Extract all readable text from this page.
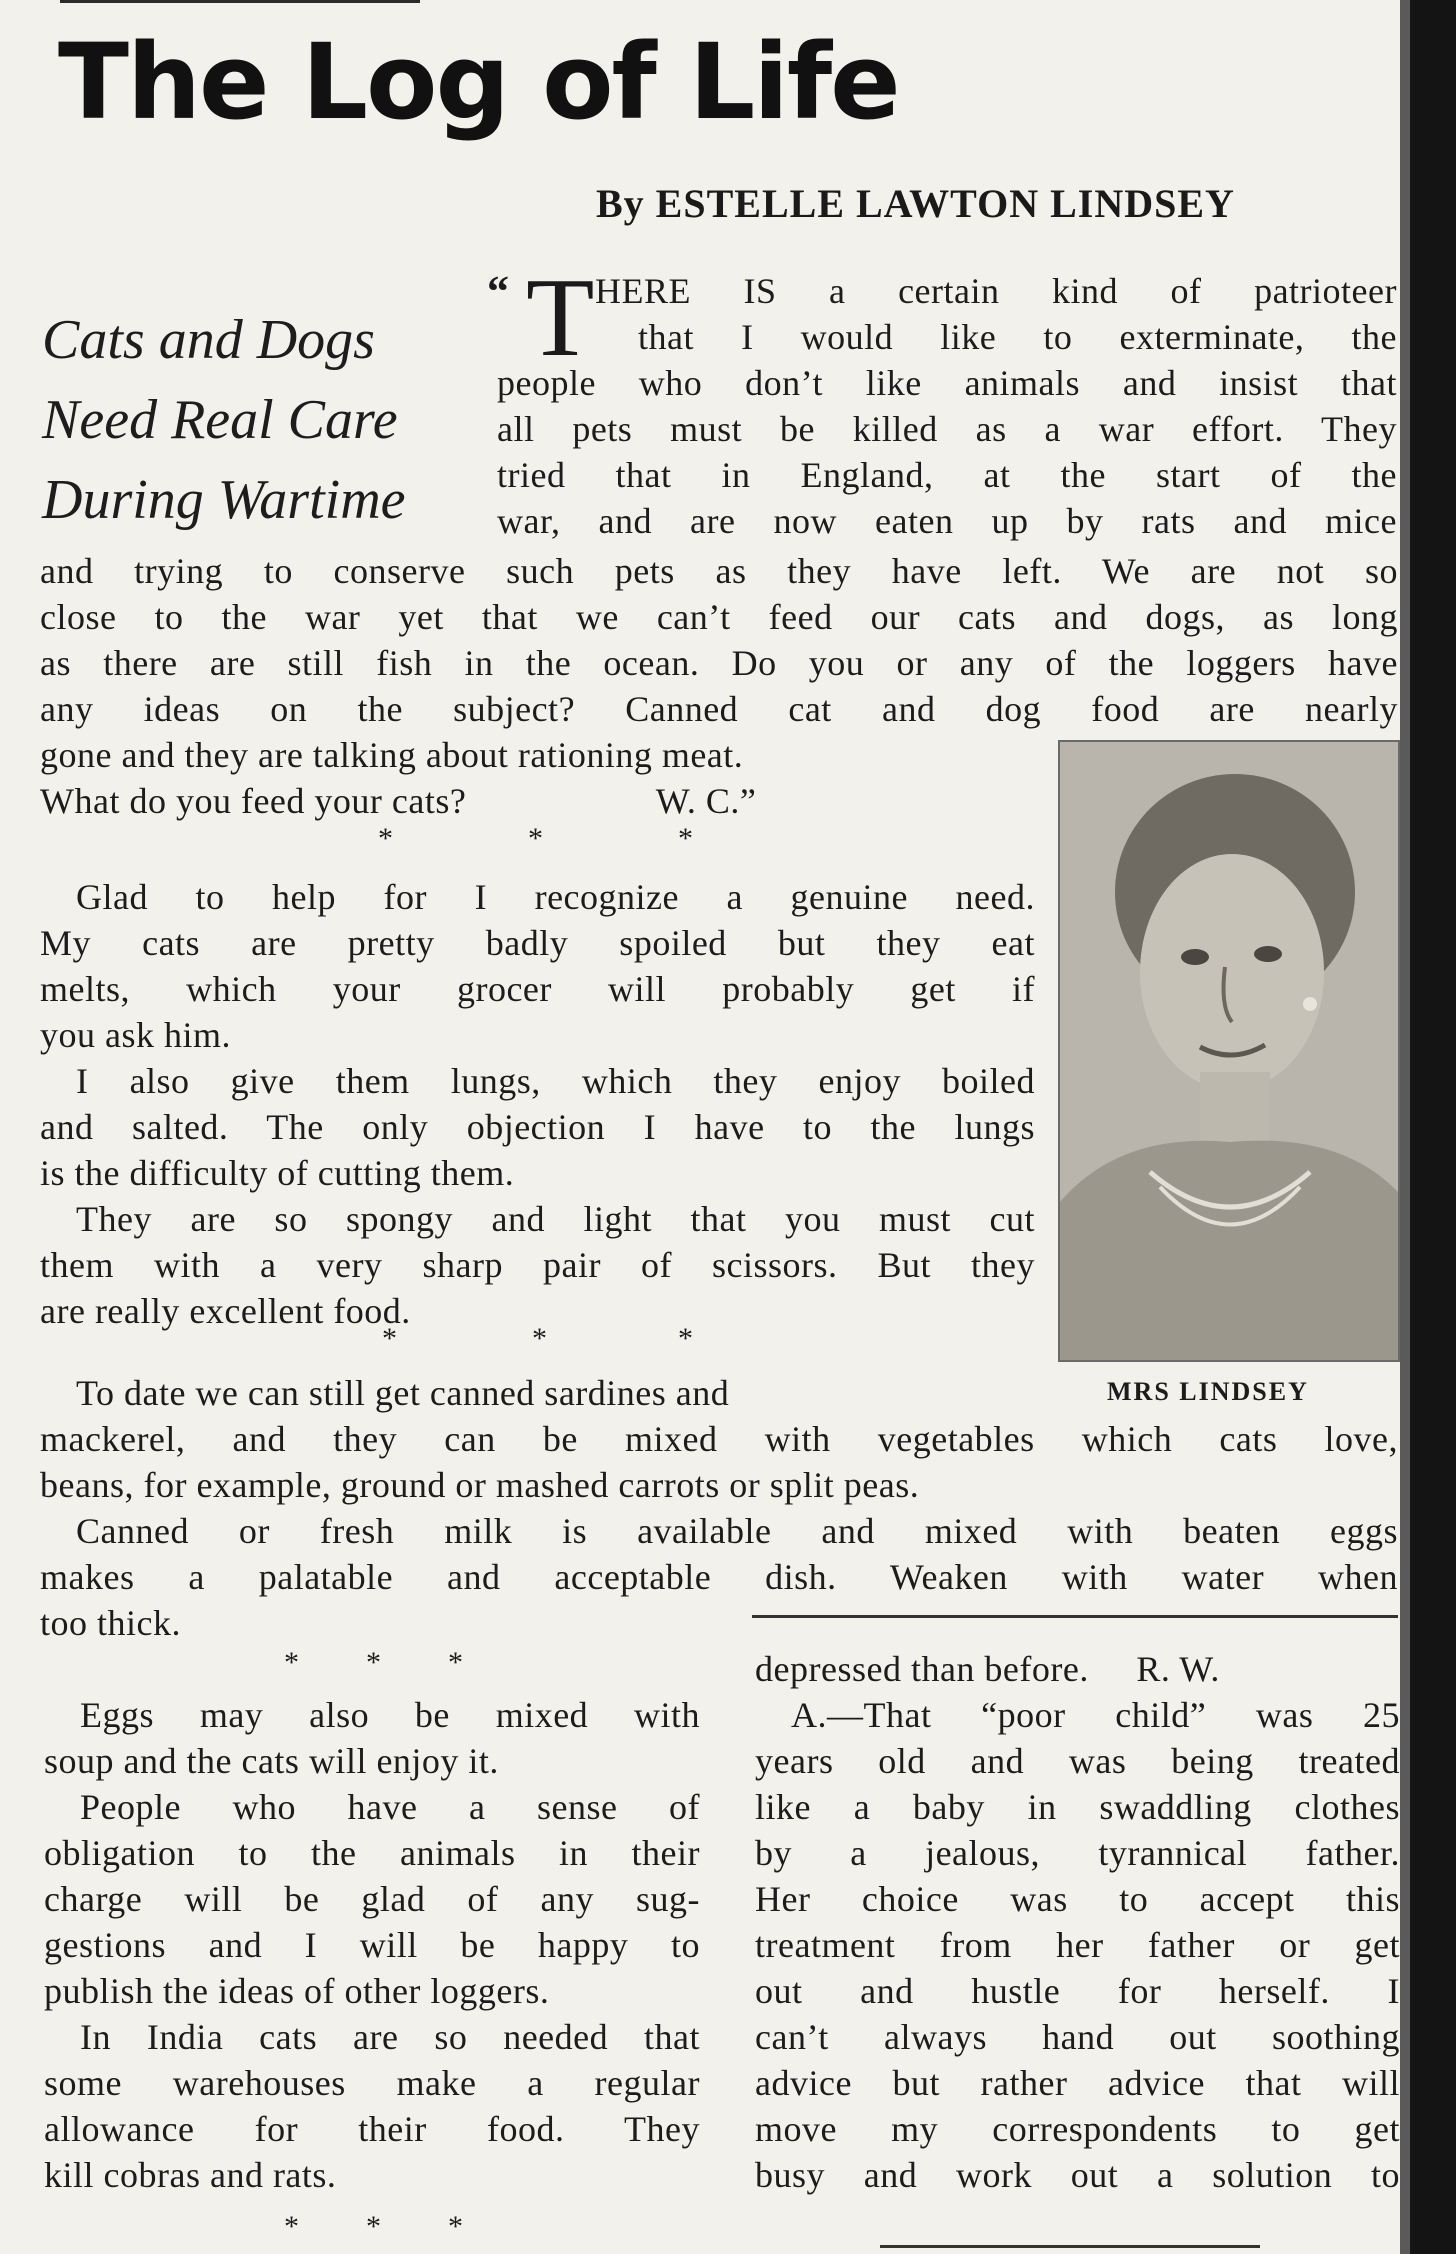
The Log of Life

By ESTELLE LAWTON LINDSEY

Cats and Dogs
Need Real Care
During Wartime
“ T HERE IS a certain kind of patrioteer
that I would like to exterminate, the
people who don’t like animals and insist that
all pets must be killed as a war effort. They
tried that in England, at the start of the
war, and are now eaten up by rats and mice
and trying to conserve such pets as they have left. We are not so
close to the war yet that we can’t feed our cats and dogs, as long
as there are still fish in the ocean. Do you or any of the loggers have
any ideas on the subject? Canned cat and dog food are nearly
gone and they are talking about rationing meat.
What do you feed your cats?                    W. C.”
*	*	*
Glad to help for I recognize a genuine need.
My cats are pretty badly spoiled but they eat
melts, which your grocer will probably get if
you ask him.
I also give them lungs, which they enjoy boiled
and salted. The only objection I have to the lungs
is the difficulty of cutting them.
They are so spongy and light that you must cut
them with a very sharp pair of scissors. But they
are really excellent food.
*	*	*

MRS LINDSEY

To date we can still get canned sardines and
mackerel, and they can be mixed with vegetables which cats love,
beans, for example, ground or mashed carrots or split peas.
Canned or fresh milk is available and mixed with beaten eggs
makes a palatable and acceptable dish. Weaken with water when
too thick.
* * *
Eggs may also be mixed with
soup and the cats will enjoy it.
People who have a sense of
obligation to the animals in their
charge will be glad of any sug-
gestions and I will be happy to
publish the ideas of other loggers.
In India cats are so needed that
some warehouses make a regular
allowance for their food. They
kill cobras and rats.
* * *
depressed than before.     R. W.
A.—That “poor child” was 25
years old and was being treated
like a baby in swaddling clothes
by a jealous, tyrannical father.
Her choice was to accept this
treatment from her father or get
out and hustle for herself. I
can’t always hand out soothing
advice but rather advice that will
move my correspondents to get
busy and work out a solution to
